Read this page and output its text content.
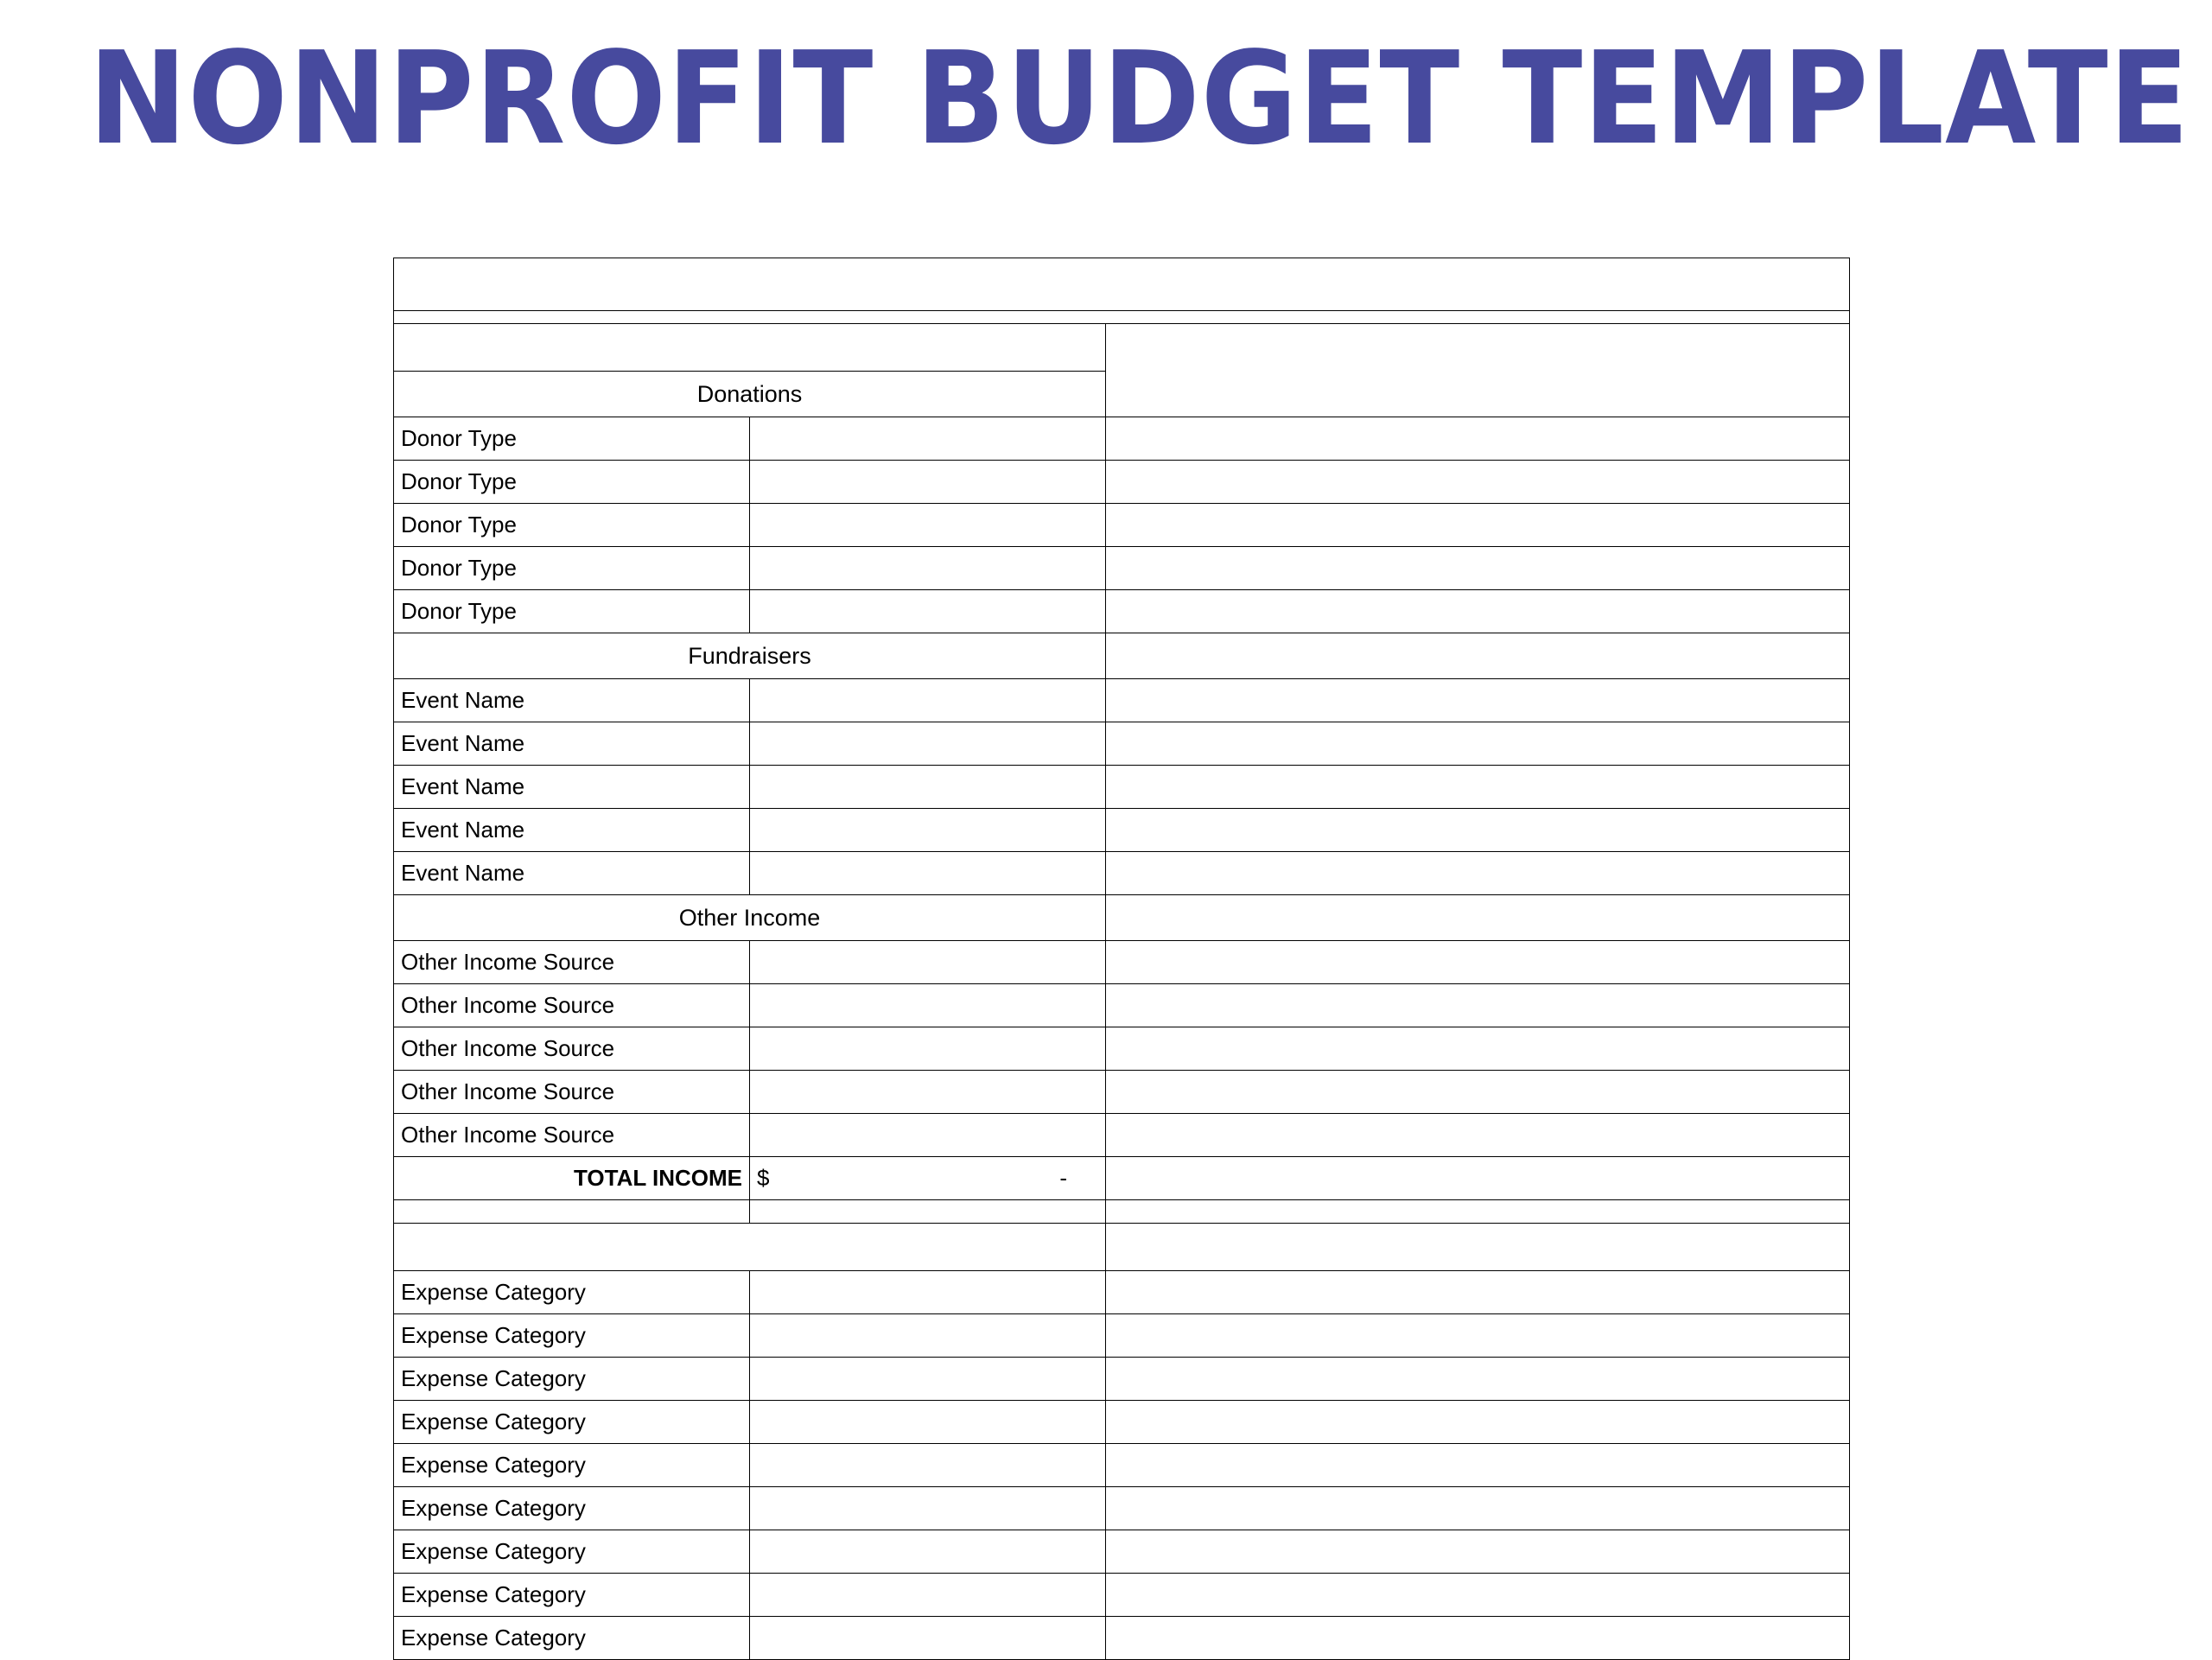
NONPROFIT BUDGET TEMPLATE
NONPROFIT NAME		

Income		Notes
Donations		
Donor Type		
Donor Type		
Donor Type		
Donor Type		
Donor Type		
Fundraisers		
Event Name		
Event Name		
Event Name		
Event Name		
Event Name		
Other Income		
Other Income Source		
Other Income Source		
Other Income Source		
Other Income Source		
Other Income Source		
TOTAL INCOME	$ -	

Expenses		Notes
Expense Category		
Expense Category		
Expense Category		
Expense Category		
Expense Category		
Expense Category		
Expense Category		
Expense Category		
Expense Category		
